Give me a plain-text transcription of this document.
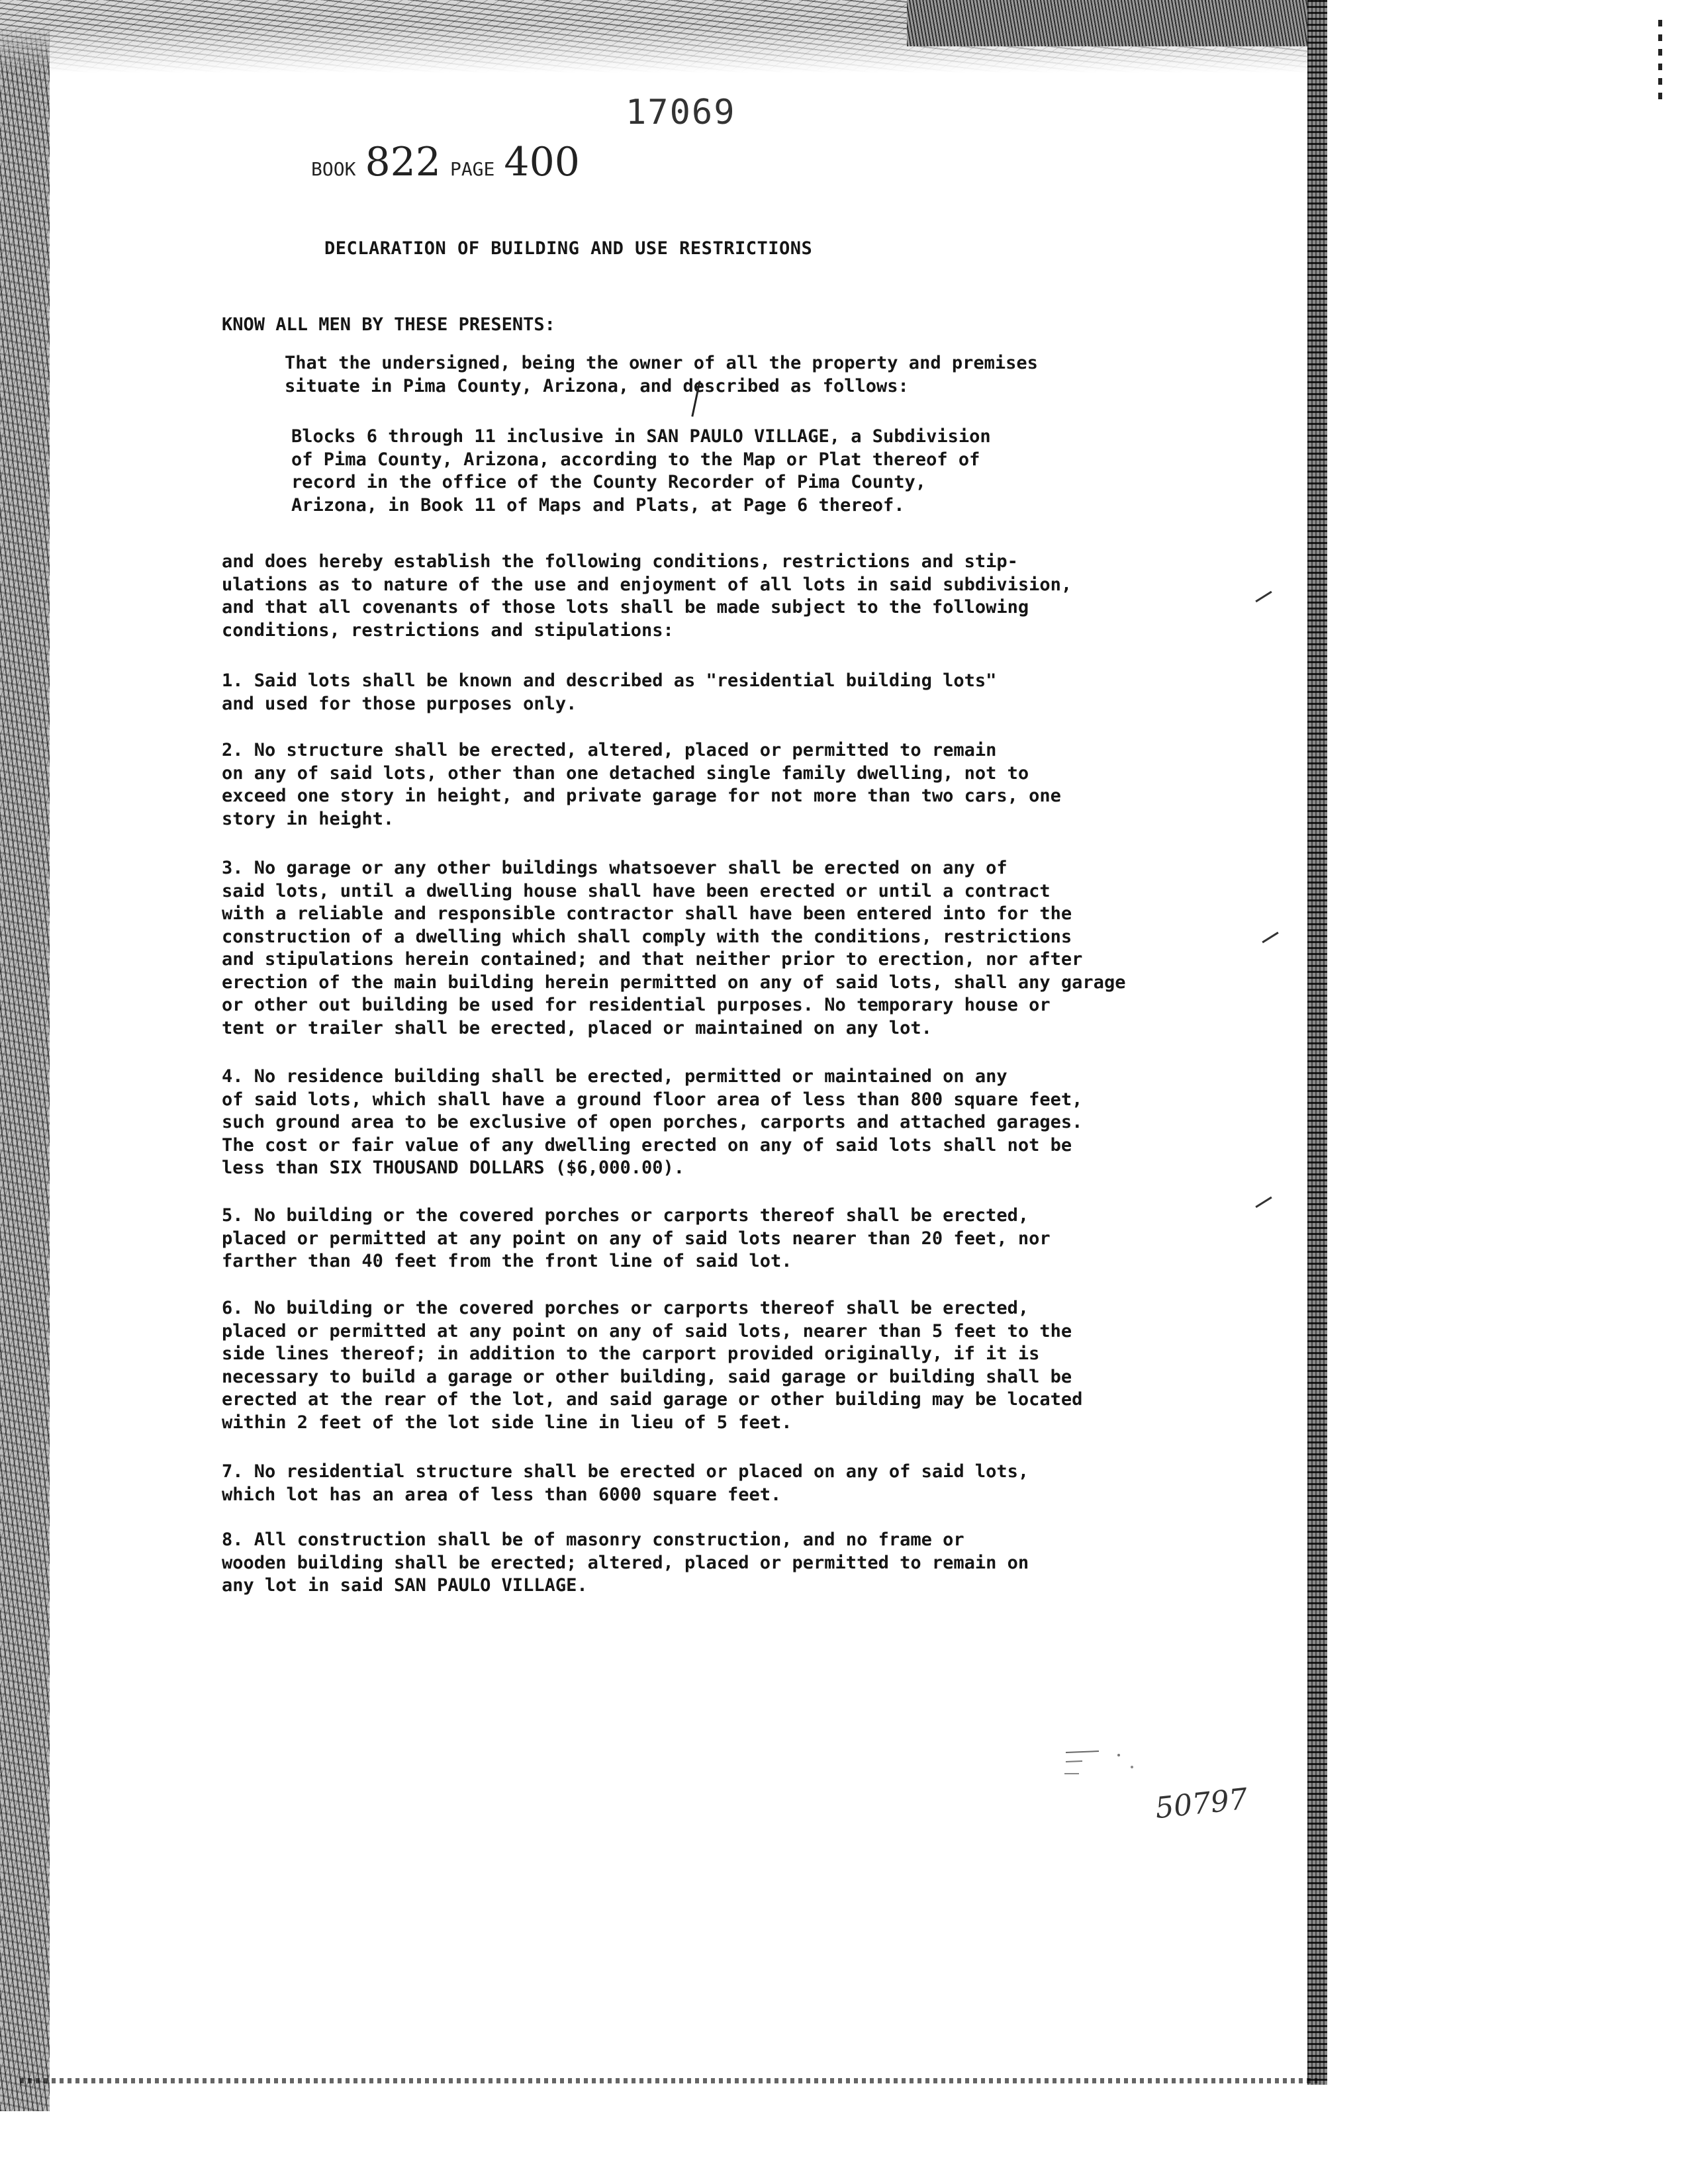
17069
BOOK 822 PAGE 400
DECLARATION OF BUILDING AND USE RESTRICTIONS
KNOW ALL MEN BY THESE PRESENTS:
That the undersigned, being the owner of all the property and premises
situate in Pima County, Arizona, and described as follows:
Blocks 6 through 11 inclusive in SAN PAULO VILLAGE, a Subdivision
of Pima County, Arizona, according to the Map or Plat thereof of
record in the office of the County Recorder of Pima County,
Arizona, in Book 11 of Maps and Plats, at Page 6 thereof.
and does hereby establish the following conditions, restrictions and stip-
ulations as to nature of the use and enjoyment of all lots in said subdivision,
and that all covenants of those lots shall be made subject to the following
conditions, restrictions and stipulations:
1. Said lots shall be known and described as "residential building lots"
and used for those purposes only.
2. No structure shall be erected, altered, placed or permitted to remain
on any of said lots, other than one detached single family dwelling, not to
exceed one story in height, and private garage for not more than two cars, one
story in height.
3. No garage or any other buildings whatsoever shall be erected on any of
said lots, until a dwelling house shall have been erected or until a contract
with a reliable and responsible contractor shall have been entered into for the
construction of a dwelling which shall comply with the conditions, restrictions
and stipulations herein contained; and that neither prior to erection, nor after
erection of the main building herein permitted on any of said lots, shall any garage
or other out building be used for residential purposes. No temporary house or
tent or trailer shall be erected, placed or maintained on any lot.
4. No residence building shall be erected, permitted or maintained on any
of said lots, which shall have a ground floor area of less than 800 square feet,
such ground area to be exclusive of open porches, carports and attached garages.
The cost or fair value of any dwelling erected on any of said lots shall not be
less than SIX THOUSAND DOLLARS ($6,000.00).
5. No building or the covered porches or carports thereof shall be erected,
placed or permitted at any point on any of said lots nearer than 20 feet, nor
farther than 40 feet from the front line of said lot.
6. No building or the covered porches or carports thereof shall be erected,
placed or permitted at any point on any of said lots, nearer than 5 feet to the
side lines thereof; in addition to the carport provided originally, if it is
necessary to build a garage or other building, said garage or building shall be
erected at the rear of the lot, and said garage or other building may be located
within 2 feet of the lot side line in lieu of 5 feet.
7. No residential structure shall be erected or placed on any of said lots,
which lot has an area of less than 6000 square feet.
8. All construction shall be of masonry construction, and no frame or
wooden building shall be erected; altered, placed or permitted to remain on
any lot in said SAN PAULO VILLAGE.
50797
